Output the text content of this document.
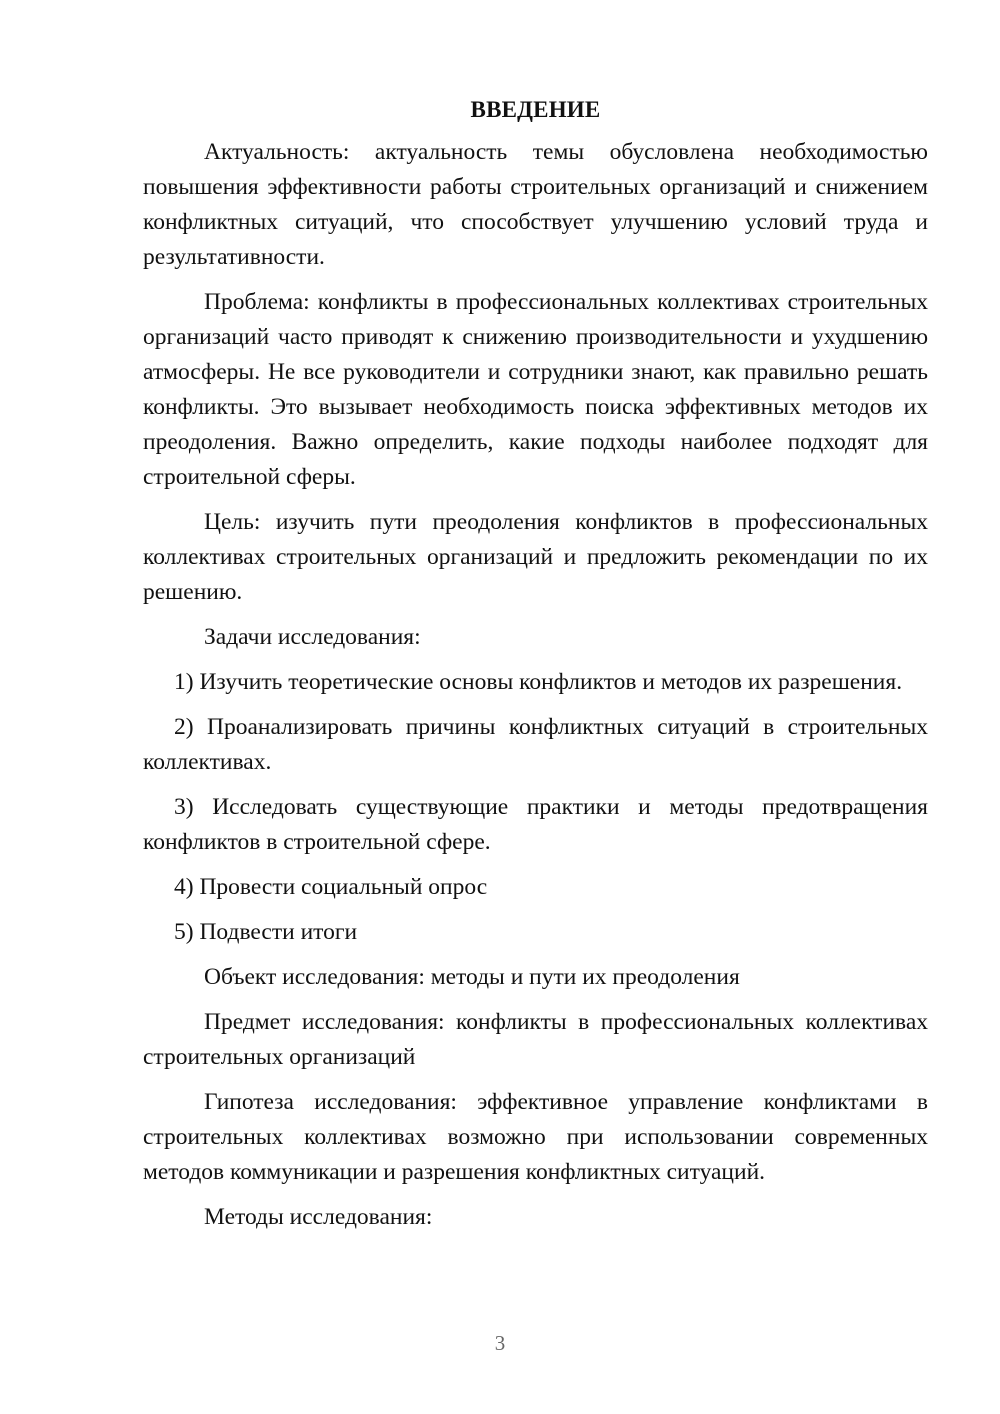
ВВЕДЕНИЕ

Актуальность: актуальность темы обусловлена необходимостью повышения эффективности работы строительных организаций и снижением конфликтных ситуаций, что способствует улучшению условий труда и результативности.

Проблема: конфликты в профессиональных коллективах строительных организаций часто приводят к снижению производительности и ухудшению атмосферы. Не все руководители и сотрудники знают, как правильно решать конфликты. Это вызывает необходимость поиска эффективных методов их преодоления. Важно определить, какие подходы наиболее подходят для строительной сферы.

Цель: изучить пути преодоления конфликтов в профессиональных коллективах строительных организаций и предложить рекомендации по их решению.

Задачи исследования:

1) Изучить теоретические основы конфликтов и методов их разрешения.

2) Проанализировать причины конфликтных ситуаций в строительных коллективах.

3) Исследовать существующие практики и методы предотвращения конфликтов в строительной сфере.

4) Провести социальный опрос

5) Подвести итоги

Объект исследования: методы и пути их преодоления

Предмет исследования: конфликты в профессиональных коллективах строительных организаций

Гипотеза исследования: эффективное управление конфликтами в строительных коллективах возможно при использовании современных методов коммуникации и разрешения конфликтных ситуаций.

Методы исследования:

3
